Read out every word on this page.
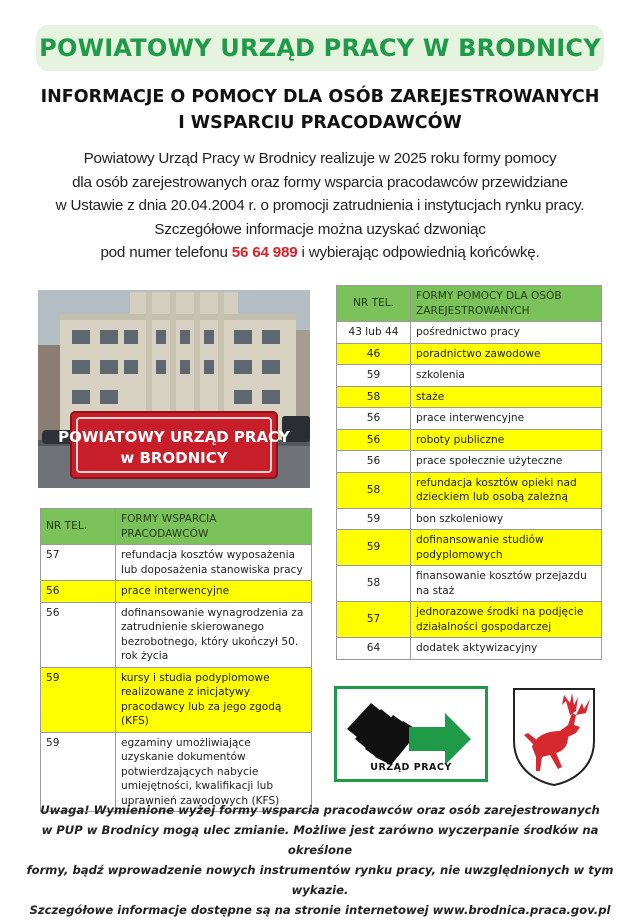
POWIATOWY URZĄD PRACY W BRODNICY
INFORMACJE O POMOCY DLA OSÓB ZAREJESTROWANYCH
I WSPARCIU PRACODAWCÓW
Powiatowy Urząd Pracy w Brodnicy realizuje w 2025 roku formy pomocy
dla osób zarejestrowanych oraz formy wsparcia pracodawców przewidziane
w Ustawie z dnia 20.04.2004 r. o promocji zatrudnienia i instytucjach rynku pracy.
Szczegółowe informacje można uzyskać dzwoniąc
pod numer telefonu 56 64 989 i wybierając odpowiednią końcówkę.
POWIATOWY URZĄD PRACY
w BRODNICY
NR TEL.	FORMY POMOCY DLA OSÓB ZAREJESTROWANYCH
43 lub 44	pośrednictwo pracy
46	poradnictwo zawodowe
59	szkolenia
58	staże
56	prace interwencyjne
56	roboty publiczne
56	prace społecznie użyteczne
58	refundacja kosztów opieki nad dzieckiem lub osobą zależną
59	bon szkoleniowy
59	dofinansowanie studiów podyplomowych
58	finansowanie kosztów przejazdu na staż
57	jednorazowe środki na podjęcie działalności gospodarczej
64	dodatek aktywizacyjny
NR TEL.	FORMY WSPARCIA PRACODAWCÓW
57	refundacja kosztów wyposażenia lub doposażenia stanowiska pracy
56	prace interwencyjne
56	dofinansowanie wynagrodzenia za zatrudnienie skierowanego bezrobotnego, który ukończył 50. rok życia
59	kursy i studia podyplomowe realizowane z inicjatywy pracodawcy lub za jego zgodą (KFS)
59	egzaminy umożliwiające uzyskanie dokumentów potwierdzających nabycie umiejętności, kwalifikacji lub uprawnień zawodowych (KFS)
URZĄD PRACY
Uwaga! Wymienione wyżej formy wsparcia pracodawców oraz osób zarejestrowanych
w PUP w Brodnicy mogą ulec zmianie. Możliwe jest zarówno wyczerpanie środków na określone
formy, bądź wprowadzenie nowych instrumentów rynku pracy, nie uwzględnionych w tym wykazie.
Szczegółowe informacje dostępne są na stronie internetowej www.brodnica.praca.gov.pl
